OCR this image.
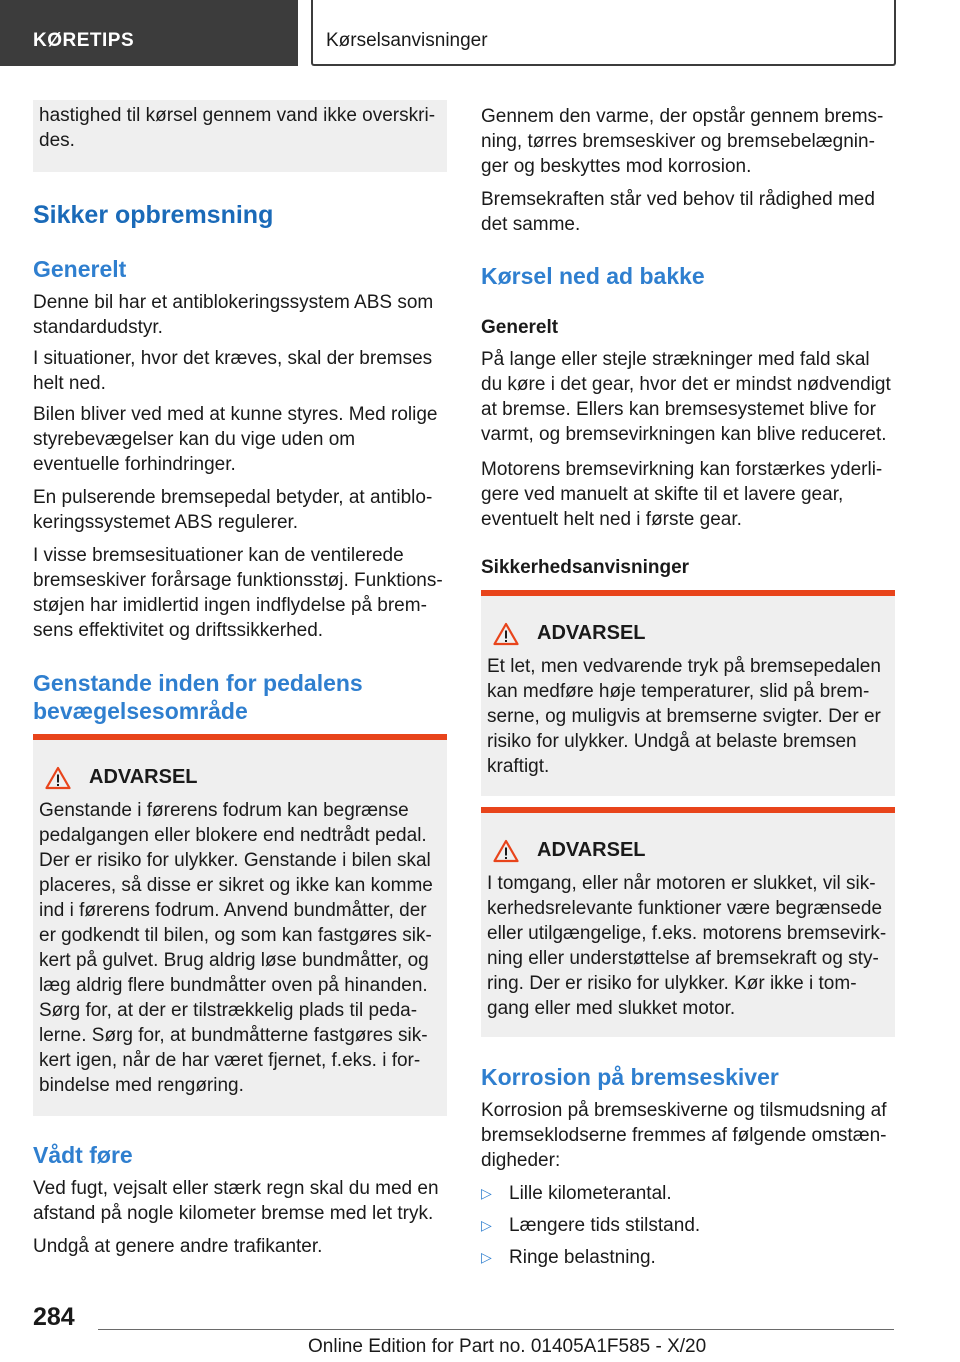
KØRETIPS	Kørselsanvisninger

hastighed til kørsel gennem vand ikke overskrides.

Sikker opbremsning
Generelt

Denne bil har et antiblokeringssystem ABS som standardudstyr.

I situationer, hvor det kræves, skal der bremses helt ned.

Bilen bliver ved med at kunne styres. Med rolige styrebevægelser kan du vige uden om eventuelle forhindringer.

En pulserende bremsepedal betyder, at antiblokeringssystemet ABS regulerer.

I visse bremsesituationer kan de ventilerede bremseskiver forårsage funktionsstøj. Funktionsstøjen har imidlertid ingen indflydelse på bremsens effektivitet og driftssikkerhed.

Genstande inden for pedalens bevægelsesområde
ADVARSEL

Genstande i førerens fodrum kan begrænse pedalgangen eller blokere end nedtrådt pedal. Der er risiko for ulykker. Genstande i bilen skal placeres, så disse er sikret og ikke kan komme ind i førerens fodrum. Anvend bundmåtter, der er godkendt til bilen, og som kan fastgøres sikkert på gulvet. Brug aldrig løse bundmåtter, og læg aldrig flere bundmåtter oven på hinanden. Sørg for, at der er tilstrækkelig plads til pedalerne. Sørg for, at bundmåtterne fastgøres sikkert igen, når de har været fjernet, f.eks. i forbindelse med rengøring.

Vådt føre

Ved fugt, vejsalt eller stærk regn skal du med en afstand på nogle kilometer bremse med let tryk.

Undgå at genere andre trafikanter.

Gennem den varme, der opstår gennem bremsning, tørres bremseskiver og bremsebelægninger og beskyttes mod korrosion.

Bremsekraften står ved behov til rådighed med det samme.

Kørsel ned ad bakke
Generelt

På lange eller stejle strækninger med fald skal du køre i det gear, hvor det er mindst nødvendigt at bremse. Ellers kan bremsesystemet blive for varmt, og bremsevirkningen kan blive reduceret.

Motorens bremsevirkning kan forstærkes yderligere ved manuelt at skifte til et lavere gear, eventuelt helt ned i første gear.

Sikkerhedsanvisninger
ADVARSEL

Et let, men vedvarende tryk på bremsepedalen kan medføre høje temperaturer, slid på bremserne, og muligvis at bremserne svigter. Der er risiko for ulykker. Undgå at belaste bremsen kraftigt.

ADVARSEL

I tomgang, eller når motoren er slukket, vil sikkerhedsrelevante funktioner være begrænsede eller utilgængelige, f.eks. motorens bremsevirkning eller understøttelse af bremsekraft og styring. Der er risiko for ulykker. Kør ikke i tomgang eller med slukket motor.

Korrosion på bremseskiver

Korrosion på bremseskiverne og tilsmudsning af bremseklodserne fremmes af følgende omstændigheder:

▷ Lille kilometerantal.
▷ Længere tids stilstand.
▷ Ringe belastning.
284
Online Edition for Part no. 01405A1F585 - X/20
